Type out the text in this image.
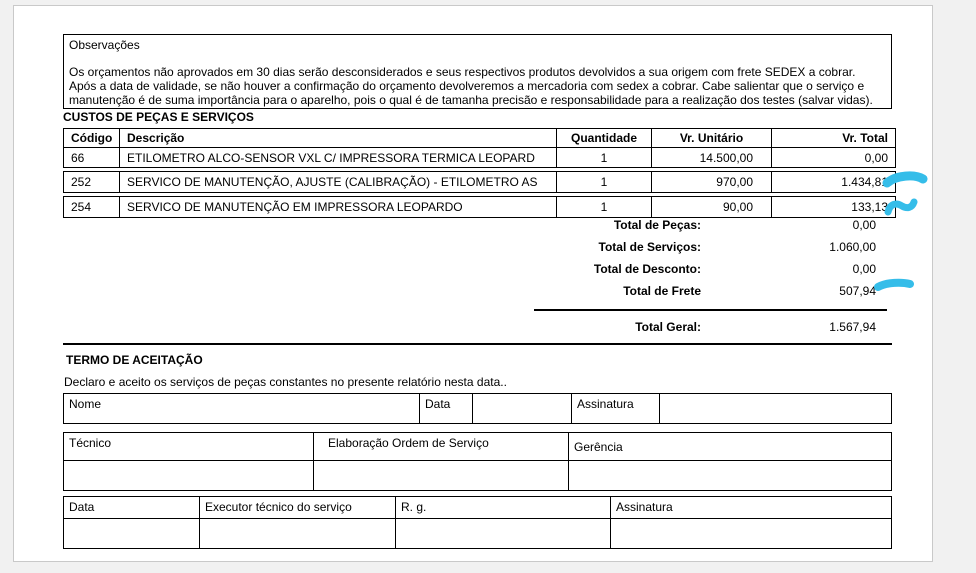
Observações
Os orçamentos não aprovados em 30 dias serão desconsiderados e seus respectivos produtos devolvidos a sua origem com frete SEDEX a cobrar.
Após a data de validade, se não houver a confirmação do orçamento devolveremos a mercadoria com sedex a cobrar. Cabe salientar que o serviço e manutenção é de suma importância para o aparelho, pois o qual é de tamanha precisão e responsabilidade para a realização dos testes (salvar vidas).
CUSTOS DE PEÇAS E SERVIÇOS
Código	Descrição	Quantidade	Vr. Unitário	Vr. Total
66	ETILOMETRO ALCO-SENSOR VXL C/ IMPRESSORA TERMICA LEOPARD	1	14.500,00	0,00
252	SERVICO DE MANUTENÇÃO, AJUSTE (CALIBRAÇÃO) - ETILOMETRO AS	1	970,00	1.434,81
254	SERVICO DE MANUTENÇÃO EM IMPRESSORA LEOPARDO	1	90,00	133,13
Total de Peças:	0,00
Total de Serviços:	1.060,00
Total de Desconto:	0,00
Total de Frete	507,94
Total Geral:	1.567,94
TERMO DE ACEITAÇÃO
Declaro e aceito os serviços de peças constantes no presente relatório nesta data..
Nome	Data	Assinatura
Técnico	Elaboração Ordem de Serviço	Gerência
Data	Executor técnico do serviço	R. g.	Assinatura
